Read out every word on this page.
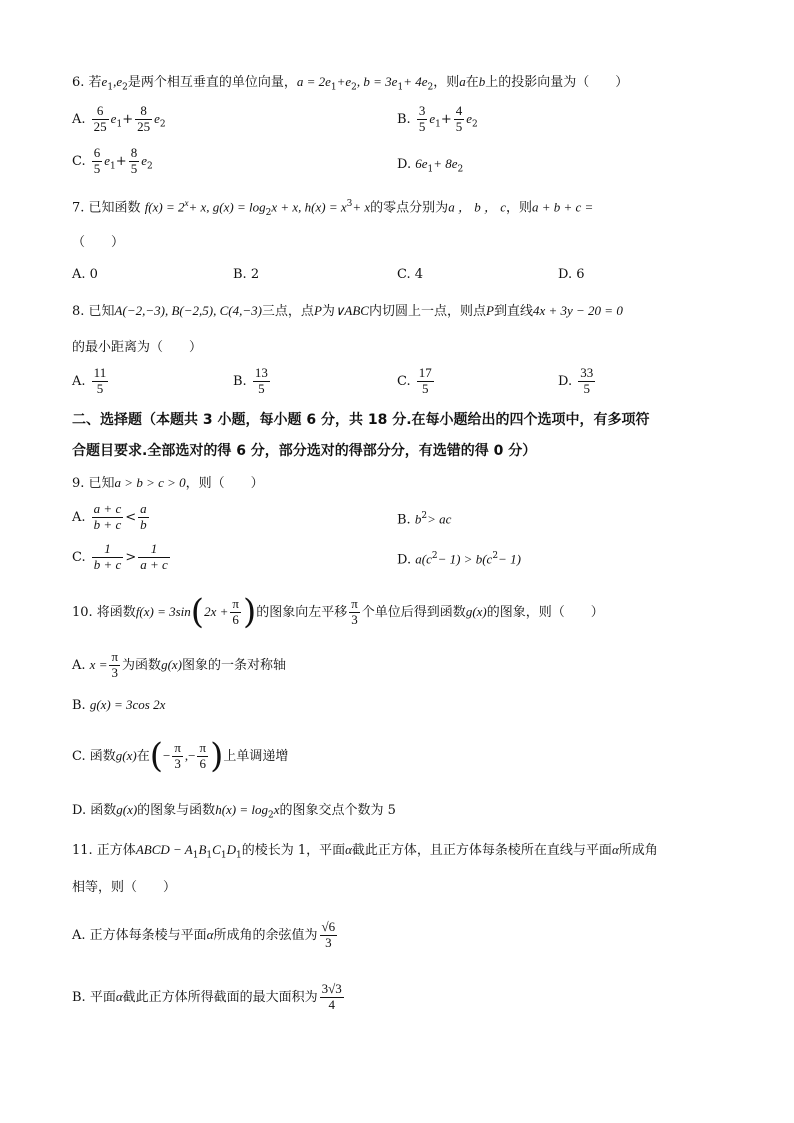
6. 若$e_1,e_2$是两个相互垂直的单位向量，$a = 2e_1+e_2$, $b = 3e_1+ 4e_2$，则a在b上的投影向量为（　　）
A. $\frac{6}{25} e_1+ \frac{8}{25} e_2$	B. $\frac{3}{5} e_1+ \frac{4}{5} e_2$
C. $\frac{6}{5} e_1+ \frac{8}{5} e_2$	D. $6e_1+ 8e_2$
7. 已知函数 $f(x) = 2^x+ x$, $g(x) = \log_2x + x$, $h(x) = x^3+ x$的零点分别为a ， b ， c，则a + b + c =
（　　）
A. 0	B. 2	C. 4	D. 6
8. 已知A(−2,−3), B(−2,5), C(4,−3)三点，点P为∨ABC内切圆上一点，则点P到直线4x + 3y − 20 = 0
的最小距离为（　　）
A. $\frac{11}{5}$	B. $\frac{13}{5}$	C. $\frac{17}{5}$	D. $\frac{33}{5}$
二、选择题（本题共 3 小题，每小题 6 分，共 18 分.在每小题给出的四个选项中，有多项符
合题目要求.全部选对的得 6 分，部分选对的得部分分，有选错的得 0 分）
9. 已知a > b > c > 0，则（　　）
A. $\frac{a + c}{b + c} < \frac{a}{b}$	B. $b^2>$ ac
C. $\frac{1}{b + c} > \frac{1}{a + c}$	D. $a(c^2- 1) > b(c^2- 1)$
10. 将函数$f(x) = 3\sin(2x + \frac{\pi}{6}$ )的图象向左平移 $\frac{\pi}{3}$ 个单位后得到函数g(x)的图象，则（　　）
A. $x = \frac{\pi}{3}$ 为函数g(x)图象的一条对称轴
B. g(x) = 3cos 2x
C. 函数g(x)在(− $\frac{\pi}{3}$ ,− $\frac{\pi}{6}$ )上单调递增
D. 函数g(x)的图象与函数$h(x) = \log_2x$的图象交点个数为 5
11. 正方体ABCD − $A_1B_1C_1D_1$的棱长为 1，平面α截此正方体，且正方体每条棱所在直线与平面α所成角
相等，则（　　）
A. 正方体每条棱与平面α所成角的余弦值为 $\frac{√6}{3}$
B. 平面α截此正方体所得截面的最大面积为 $\frac{3√3}{4}$
